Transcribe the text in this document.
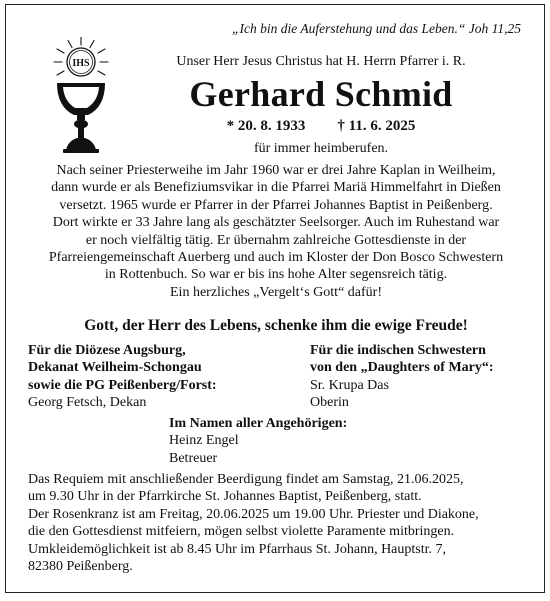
„Ich bin die Auferstehung und das Leben.“ Joh 11,25
IHS	Unser Herr Jesus Christus hat H. Herrn Pfarrer i. R.
Gerhard Schmid
* 20. 8. 1933 † 11. 6. 2025
für immer heimberufen.
Nach seiner Priesterweihe im Jahr 1960 war er drei Jahre Kaplan in Weilheim,
dann wurde er als Benefiziumsvikar in die Pfarrei Mariä Himmelfahrt in Dießen
versetzt. 1965 wurde er Pfarrer in der Pfarrei Johannes Baptist in Peißenberg.
Dort wirkte er 33 Jahre lang als geschätzter Seelsorger. Auch im Ruhestand war
er noch vielfältig tätig. Er übernahm zahlreiche Gottesdienste in der
Pfarreiengemeinschaft Auerberg und auch im Kloster der Don Bosco Schwestern
in Rottenbuch. So war er bis ins hohe Alter segensreich tätig.
Ein herzliches „Vergelt‘s Gott“ dafür!
Gott, der Herr des Lebens, schenke ihm die ewige Freude!
Für die Diözese Augsburg,
Dekanat Weilheim-Schongau
sowie die PG Peißenberg/Forst:
Georg Fetsch, Dekan
Für die indischen Schwestern
von den „Daughters of Mary“:
Sr. Krupa Das
Oberin
Im Namen aller Angehörigen:
Heinz Engel
Betreuer
Das Requiem mit anschließender Beerdigung findet am Samstag, 21.06.2025,
um 9.30 Uhr in der Pfarrkirche St. Johannes Baptist, Peißenberg, statt.
Der Rosenkranz ist am Freitag, 20.06.2025 um 19.00 Uhr. Priester und Diakone,
die den Gottesdienst mitfeiern, mögen selbst violette Paramente mitbringen.
Umkleidemöglichkeit ist ab 8.45 Uhr im Pfarrhaus St. Johann, Hauptstr. 7,
82380 Peißenberg.
